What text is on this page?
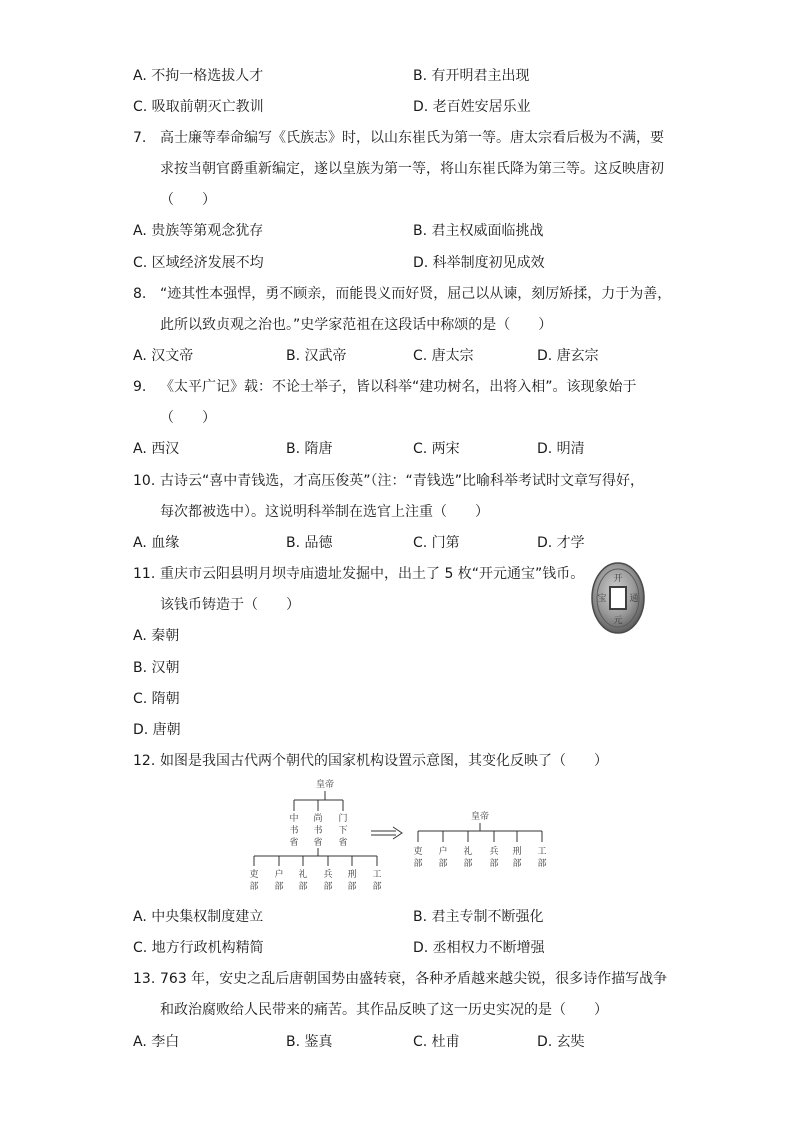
A. 不拘一格选拔人才	B. 有开明君主出现
C. 吸取前朝灭亡教训	D. 老百姓安居乐业
7. 高士廉等奉命编写《氏族志》时，以山东崔氏为第一等。唐太宗看后极为不满，要
求按当朝官爵重新编定，遂以皇族为第一等，将山东崔氏降为第三等。这反映唐初
（　　）
A. 贵族等第观念犹存	B. 君主权威面临挑战
C. 区域经济发展不均	D. 科举制度初见成效
8. “迹其性本强悍，勇不顾亲，而能畏义而好贤，屈己以从谏，刻厉矫揉，力于为善，
此所以致贞观之治也。”史学家范祖在这段话中称颂的是（　　）
A. 汉文帝	B. 汉武帝	C. 唐太宗	D. 唐玄宗
9. 《太平广记》载：不论士举子，皆以科举“建功树名，出将入相”。该现象始于
（　　）
A. 西汉	B. 隋唐	C. 两宋	D. 明清
10. 古诗云“喜中青钱选，才高压俊英”（注：“青钱选”比喻科举考试时文章写得好，
每次都被选中）。这说明科举制在选官上注重（　　）
A. 血缘	B. 品德	C. 门第	D. 才学
11. 重庆市云阳县明月坝寺庙遗址发掘中，出土了 5 枚“开元通宝”钱币。
该钱币铸造于（　　）
A. 秦朝
B. 汉朝
C. 隋朝
D. 唐朝
开
元
通
宝
12. 如图是我国古代两个朝代的国家机构设置示意图，其变化反映了（　　）
皇帝
中书省
尚书省
门下省
吏部
户部
礼部
兵部
刑部
工部
皇帝
吏部
户部
礼部
兵部
刑部
工部
A. 中央集权制度建立	B. 君主专制不断强化
C. 地方行政机构精简	D. 丞相权力不断增强
13. 763 年，安史之乱后唐朝国势由盛转衰，各种矛盾越来越尖锐，很多诗作描写战争
和政治腐败给人民带来的痛苦。其作品反映了这一历史实况的是（　　）
A. 李白	B. 鉴真	C. 杜甫	D. 玄奘
